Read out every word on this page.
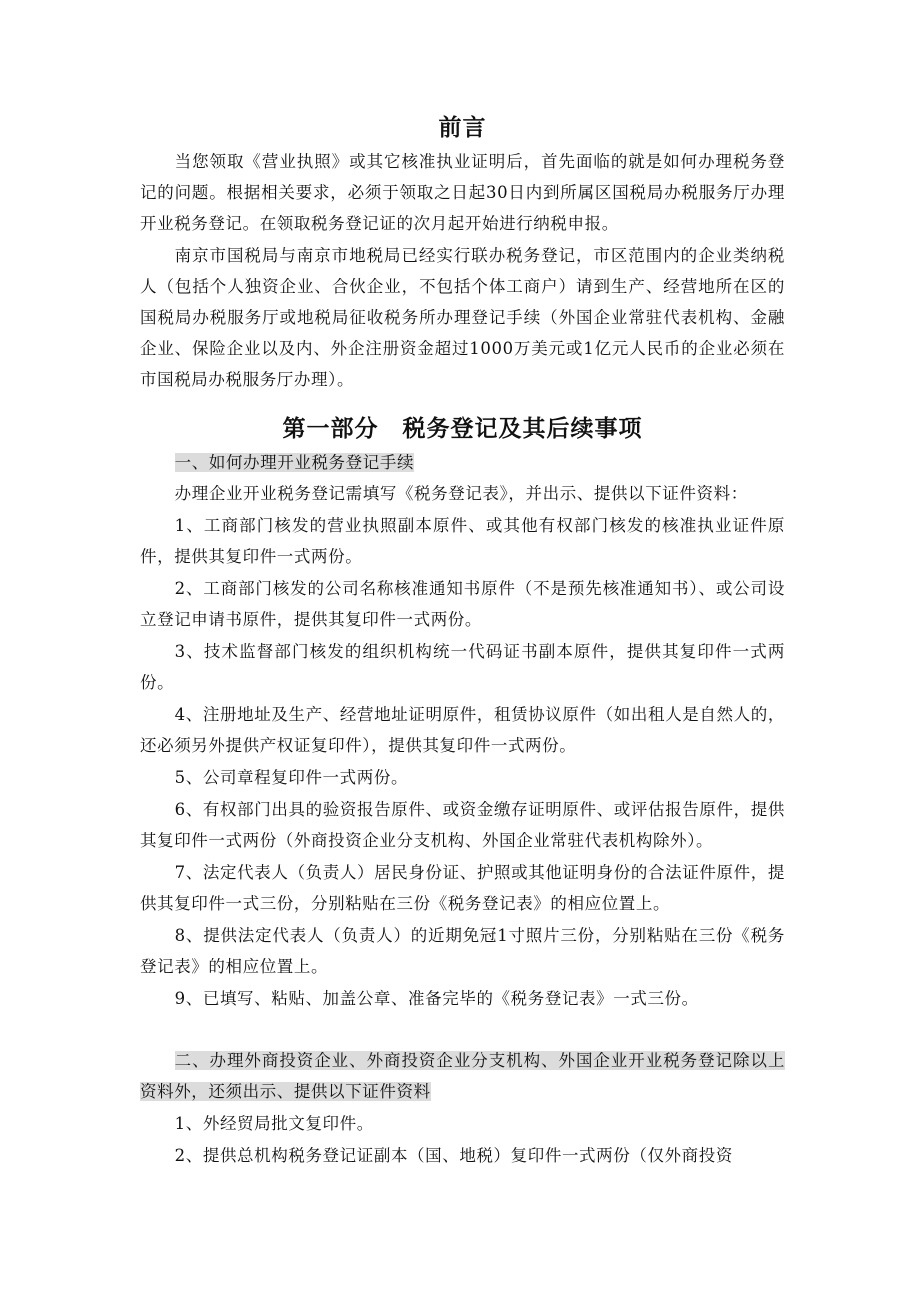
前言

当您领取《营业执照》或其它核准执业证明后，首先面临的就是如何办理税务登记的问题。根据相关要求，必须于领取之日起30日内到所属区国税局办税服务厅办理开业税务登记。在领取税务登记证的次月起开始进行纳税申报。

南京市国税局与南京市地税局已经实行联办税务登记，市区范围内的企业类纳税人（包括个人独资企业、合伙企业，不包括个体工商户）请到生产、经营地所在区的国税局办税服务厅或地税局征收税务所办理登记手续（外国企业常驻代表机构、金融企业、保险企业以及内、外企注册资金超过1000万美元或1亿元人民币的企业必须在市国税局办税服务厅办理）。

第一部分　税务登记及其后续事项

一、如何办理开业税务登记手续

办理企业开业税务登记需填写《税务登记表》，并出示、提供以下证件资料：

1、工商部门核发的营业执照副本原件、或其他有权部门核发的核准执业证件原件，提供其复印件一式两份。

2、工商部门核发的公司名称核准通知书原件（不是预先核准通知书）、或公司设立登记申请书原件，提供其复印件一式两份。

3、技术监督部门核发的组织机构统一代码证书副本原件，提供其复印件一式两份。

4、注册地址及生产、经营地址证明原件，租赁协议原件（如出租人是自然人的，还必须另外提供产权证复印件），提供其复印件一式两份。

5、公司章程复印件一式两份。

6、有权部门出具的验资报告原件、或资金缴存证明原件、或评估报告原件，提供其复印件一式两份（外商投资企业分支机构、外国企业常驻代表机构除外）。

7、法定代表人（负责人）居民身份证、护照或其他证明身份的合法证件原件，提供其复印件一式三份，分别粘贴在三份《税务登记表》的相应位置上。

8、提供法定代表人（负责人）的近期免冠1寸照片三份，分别粘贴在三份《税务登记表》的相应位置上。

9、已填写、粘贴、加盖公章、准备完毕的《税务登记表》一式三份。

二、办理外商投资企业、外商投资企业分支机构、外国企业开业税务登记除以上资料外，还须出示、提供以下证件资料

1、外经贸局批文复印件。

2、提供总机构税务登记证副本（国、地税）复印件一式两份（仅外商投资
